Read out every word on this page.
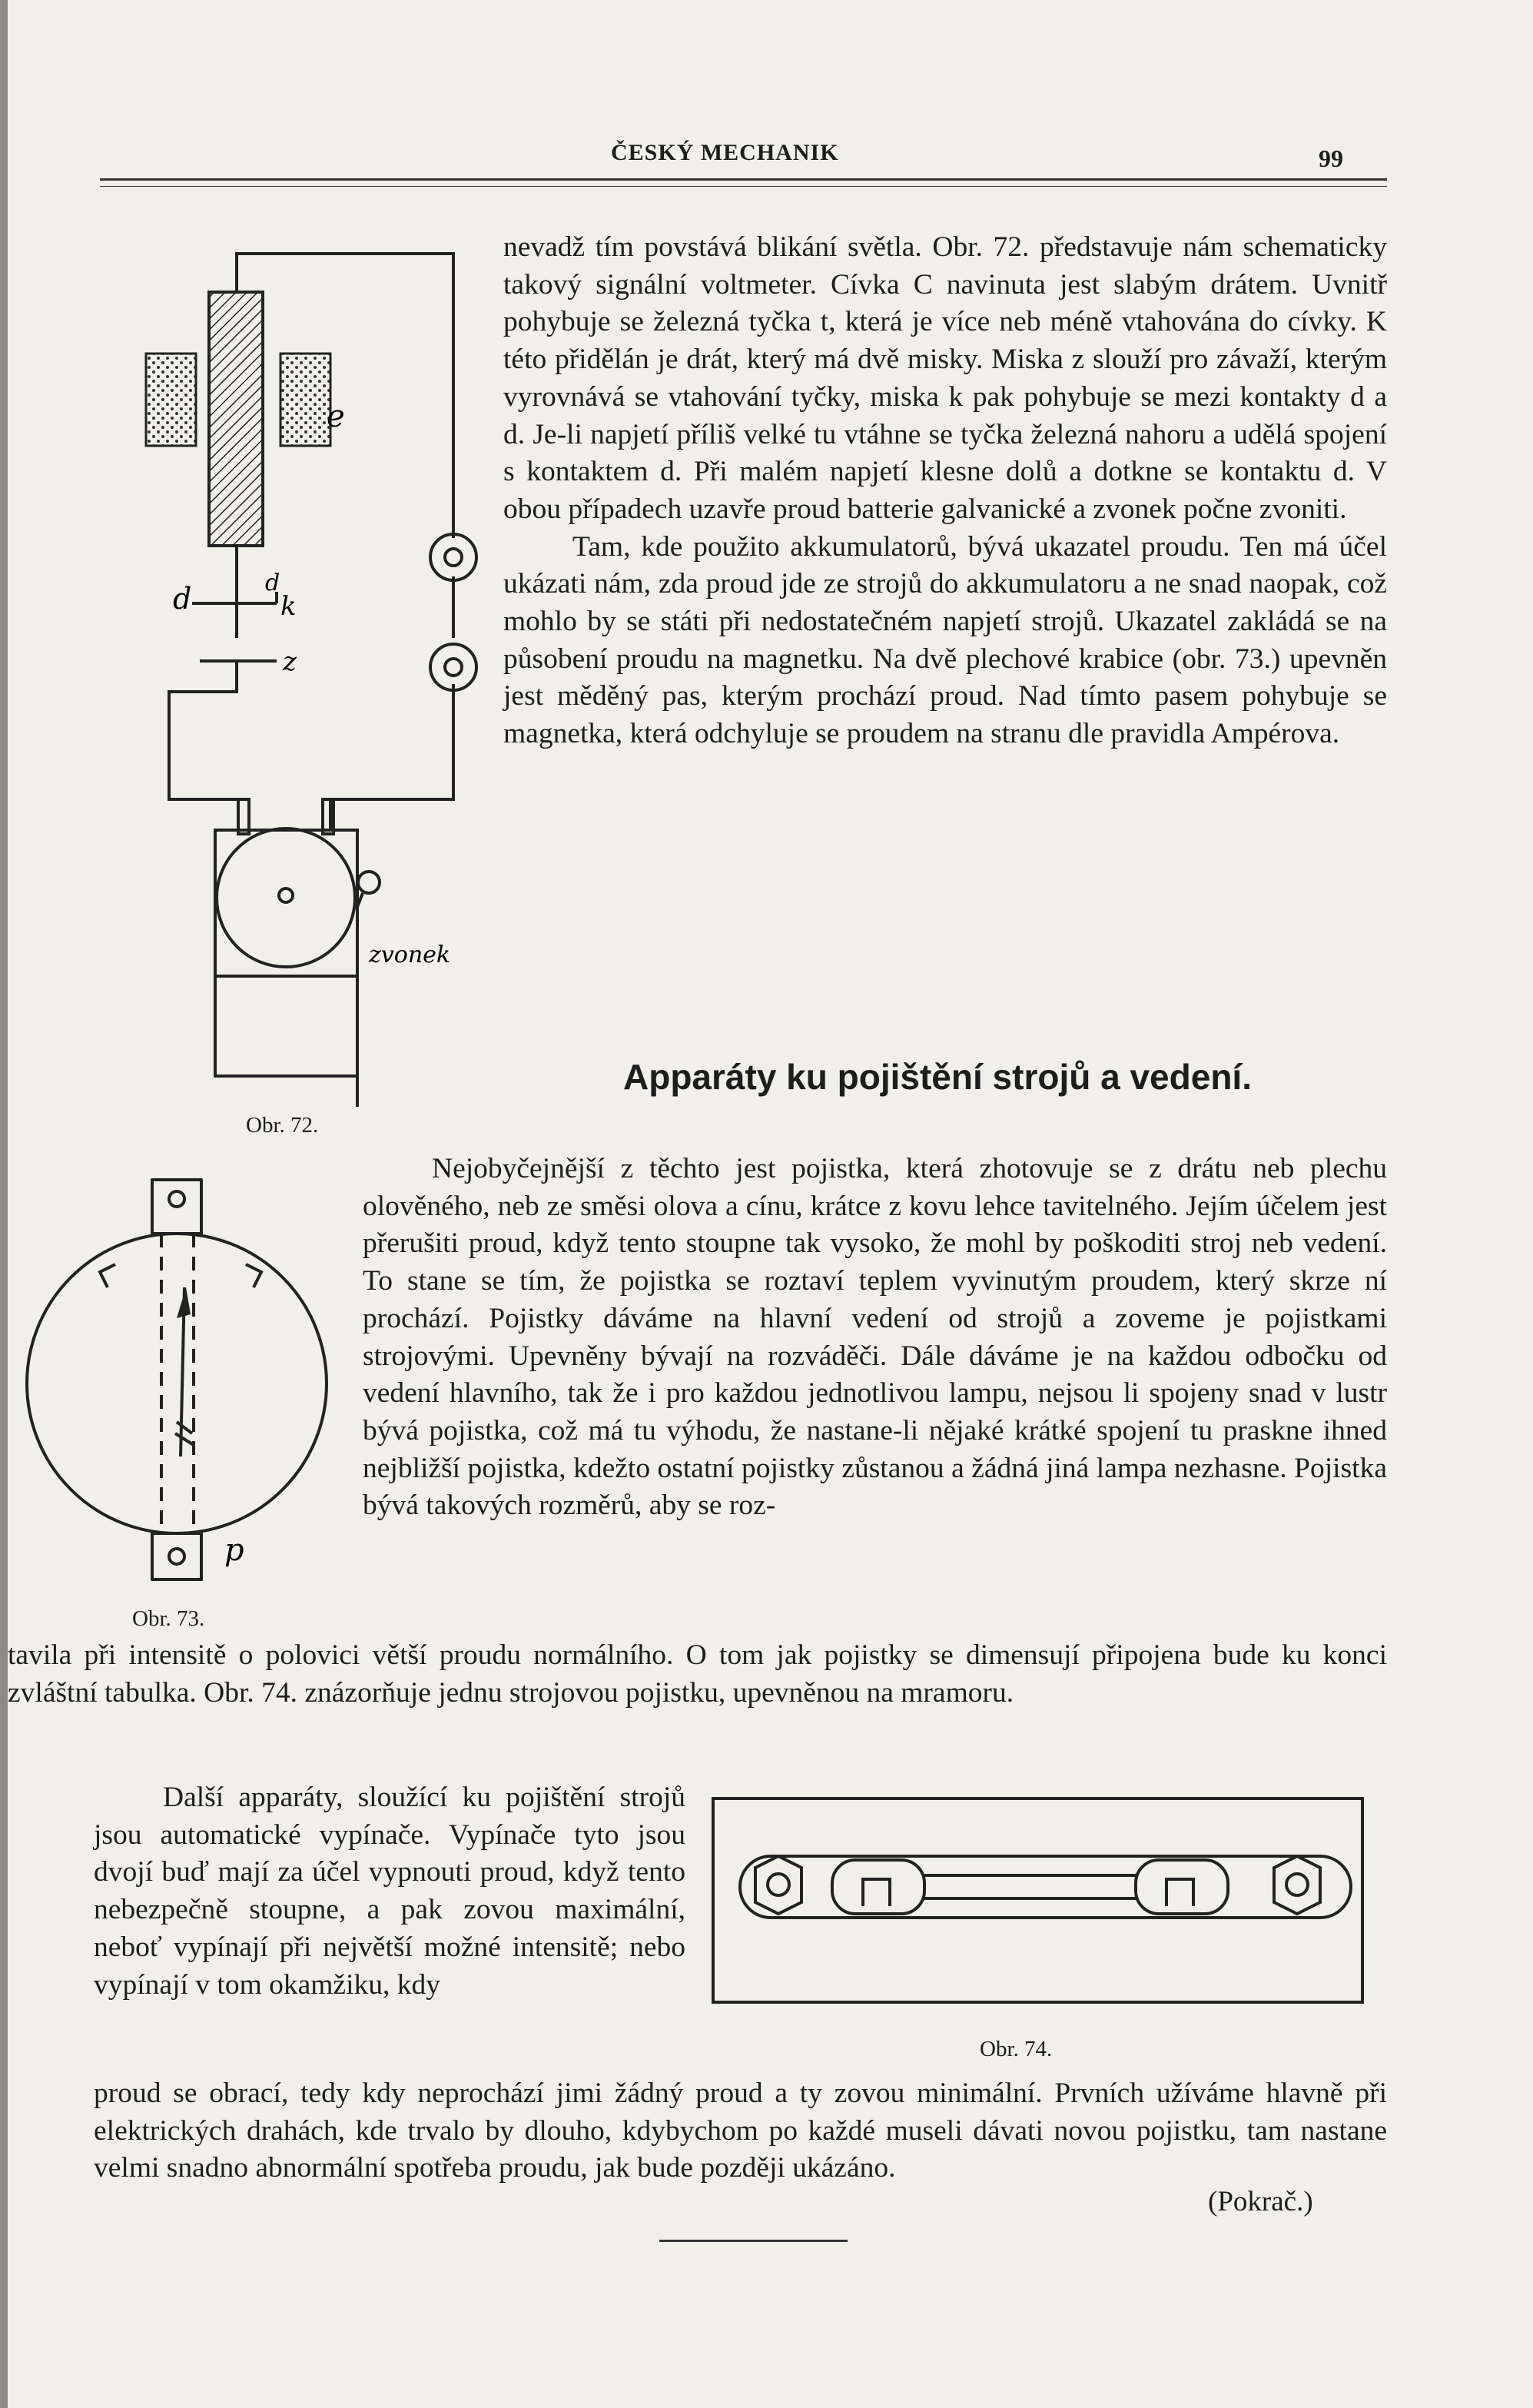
ČESKÝ MECHANIK	99
e
d	d
k
z
zvonek
Obr. 72.
p
Obr. 73.
Obr. 74.

nevadž tím povstává blikání světla. Obr. 72. představuje nám schematicky takový signální voltmeter. Cívka C navinuta jest slabým drátem. Uvnitř pohybuje se železná tyčka t, která je více neb méně vtahována do cívky. K této přidělán je drát, který má dvě misky. Miska z slouží pro závaží, kterým vyrovnává se vtahování tyčky, miska k pak pohybuje se mezi kontakty d a d. Je-li napjetí příliš velké tu vtáhne se tyčka železná nahoru a udělá spojení s kontaktem d. Při malém napjetí klesne dolů a dotkne se kontaktu d. V obou případech uzavře proud batterie galvanické a zvonek počne zvoniti.

Tam, kde použito akkumulatorů, bývá ukazatel proudu. Ten má účel ukázati nám, zda proud jde ze strojů do akkumulatoru a ne snad naopak, což mohlo by se státi při nedostatečném napjetí strojů. Ukazatel zakládá se na působení proudu na magnetku. Na dvě plechové krabice (obr. 73.) upevněn jest měděný pas, kterým prochází proud. Nad tímto pasem pohybuje se magnetka, která odchyluje se proudem na stranu dle pravidla Ampérova.

Apparáty ku pojištění strojů a vedení.

Nejobyčejnější z těchto jest pojistka, která zhotovuje se z drátu neb plechu olověného, neb ze směsi olova a cínu, krátce z kovu lehce tavitelného. Jejím účelem jest přerušiti proud, když tento stoupne tak vysoko, že mohl by poškoditi stroj neb vedení. To stane se tím, že pojistka se roztaví teplem vyvinutým proudem, který skrze ní prochází. Pojistky dáváme na hlavní vedení od strojů a zoveme je pojistkami strojovými. Upevněny bývají na rozváděči. Dále dáváme je na každou odbočku od vedení hlavního, tak že i pro každou jednotlivou lampu, nejsou li spojeny snad v lustr bývá pojistka, což má tu výhodu, že nastane-li nějaké krátké spojení tu praskne ihned nejbližší pojistka, kdežto ostatní pojistky zůstanou a žádná jiná lampa nezhasne. Pojistka bývá takových rozměrů, aby se roz-

tavila při intensitě o polovici větší proudu normálního. O tom jak pojistky se dimensují připojena bude ku konci zvláštní tabulka. Obr. 74. znázorňuje jednu strojovou pojistku, upevněnou na mramoru.

Další apparáty, sloužící ku pojištění strojů jsou automatické vypínače. Vypínače tyto jsou dvojí buď mají za účel vypnouti proud, když tento nebezpečně stoupne, a pak zovou maximální, neboť vypínají při největší možné intensitě; nebo vypínají v tom okamžiku, kdy

proud se obrací, tedy kdy neprochází jimi žádný proud a ty zovou minimální. Prvních užíváme hlavně při elektrických drahách, kde trvalo by dlouho, kdybychom po každé museli dávati novou pojistku, tam nastane velmi snadno abnormální spotřeba proudu, jak bude později ukázáno.

(Pokrač.)
